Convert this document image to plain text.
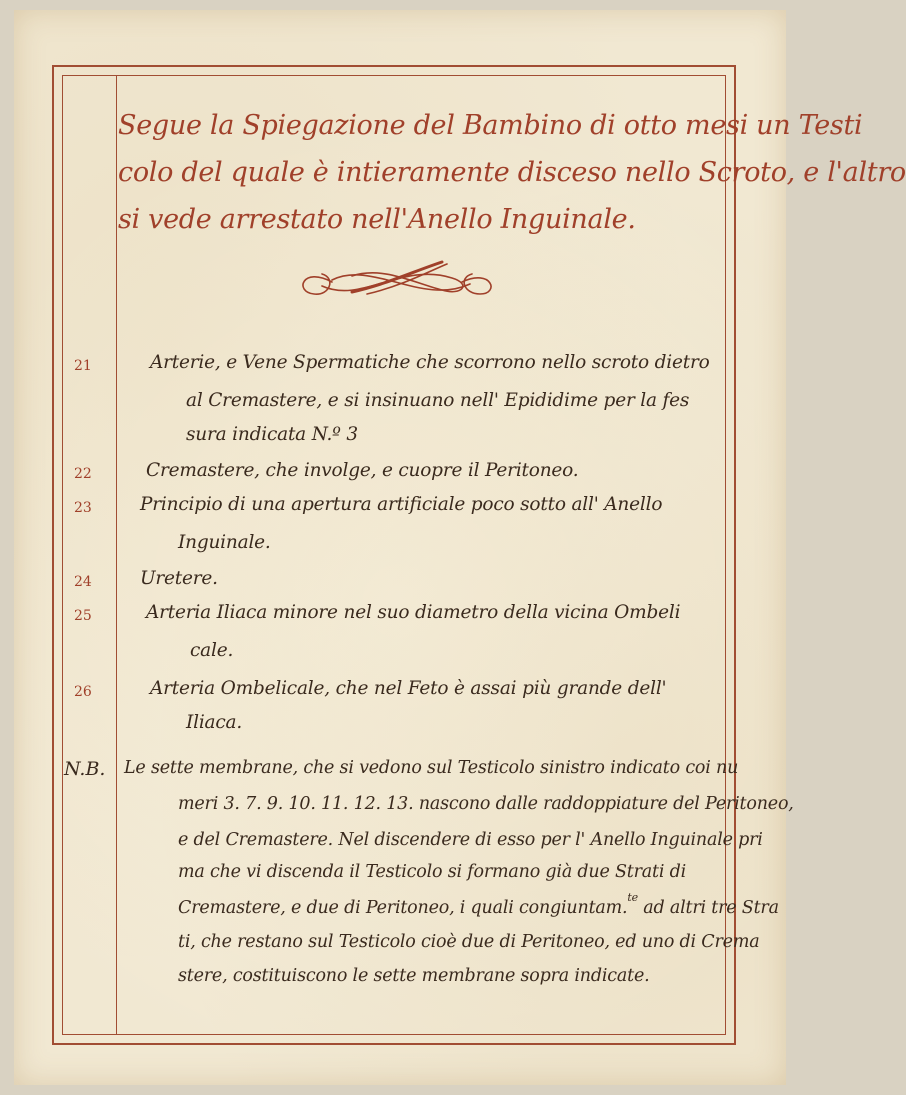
Segue la Spiegazione del Bambino di otto mesi un Testi
colo del quale è intieramente disceso nello Scroto, e l'altro
si vede arrestato nell'Anello Inguinale.
21	Arterie, e Vene Spermatiche che scorrono nello scroto dietro
al Cremastere, e si insinuano nell' Epididime per la fes
sura indicata N.º 3
22	Cremastere, che involge, e cuopre il Peritoneo.
23	Principio di una apertura artificiale poco sotto all' Anello
Inguinale.
24	Uretere.
25	Arteria Iliaca minore nel suo diametro della vicina Ombeli
cale.
26	Arteria Ombelicale, che nel Feto è assai più grande dell'
Iliaca.
N.B. Le sette membrane, che si vedono sul Testicolo sinistro indicato coi nu
meri 3. 7. 9. 10. 11. 12. 13. nascono dalle raddoppiature del Peritoneo,
e del Cremastere. Nel discendere di esso per l' Anello Inguinale pri
ma che vi discenda il Testicolo si formano già due Strati di
Cremastere, e due di Peritoneo, i quali congiuntam.$^{te}$ ad altri tre Stra
ti, che restano sul Testicolo cioè due di Peritoneo, ed uno di Crema
stere, costituiscono le sette membrane sopra indicate.
